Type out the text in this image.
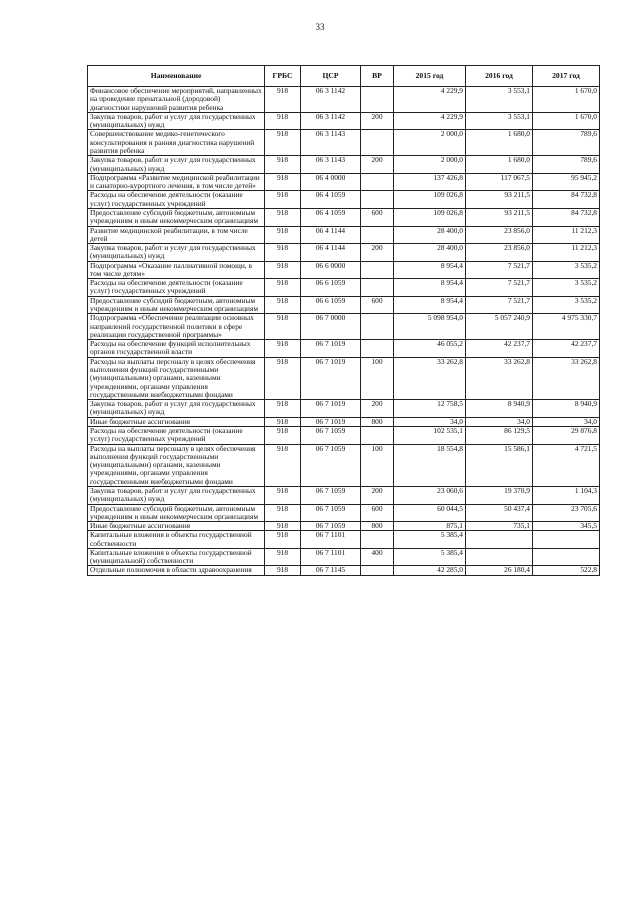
33
Наименование	ГРБС	ЦСР	ВР	2015 год	2016 год	2017 год
Финансовое обеспечение мероприятий, направленных на проведение пренатальной (дородовой) диагностики нарушений развития ребенка	918	06 3 1142		4 229,9	3 553,1	1 670,0
Закупка товаров, работ и услуг для государственных (муниципальных) нужд	918	06 3 1142	200	4 229,9	3 553,1	1 670,0
Совершенствование медико-генетического консультирования и ранняя диагностика нарушений развития ребенка	918	06 3 1143		2 000,0	1 680,0	789,6
Закупка товаров, работ и услуг для государственных (муниципальных) нужд	918	06 3 1143	200	2 000,0	1 680,0	789,6
Подпрограмма «Развитие медицинской реабилитации и санаторно-курортного лечения, в том числе детей»	918	06 4 0000		137 426,8	117 067,5	95 945,2
Расходы на обеспечение деятельности (оказание услуг) государственных учреждений	918	06 4 1059		109 026,8	93 211,5	84 732,8
Предоставление субсидий бюджетным, автономным учреждениям и иным некоммерческим организациям	918	06 4 1059	600	109 026,8	93 211,5	84 732,8
Развитие медицинской реабилитации, в том числе детей	918	06 4 1144		28 400,0	23 856,0	11 212,3
Закупка товаров, работ и услуг для государственных (муниципальных) нужд	918	06 4 1144	200	28 400,0	23 856,0	11 212,3
Подпрограмма «Оказание паллиативной помощи, в том числе детям»	918	06 6 0000		8 954,4	7 521,7	3 535,2
Расходы на обеспечение деятельности (оказание услуг) государственных учреждений	918	06 6 1059		8 954,4	7 521,7	3 535,2
Предоставление субсидий бюджетным, автономным учреждениям и иным некоммерческим организациям	918	06 6 1059	600	8 954,4	7 521,7	3 535,2
Подпрограмма «Обеспечение реализации основных направлений государственной политики в сфере реализации государственной программы»	918	06 7 0000		5 098 954,0	5 057 240,9	4 975 330,7
Расходы на обеспечение функций исполнительных органов государственной власти	918	06 7 1019		46 055,2	42 237,7	42 237,7
Расходы на выплаты персоналу в целях обеспечения выполнения функций государственными (муниципальными) органами, казенными учреждениями, органами управления государственными внебюджетными фондами	918	06 7 1019	100	33 262,8	33 262,8	33 262,8
Закупка товаров, работ и услуг для государственных (муниципальных) нужд	918	06 7 1019	200	12 758,5	8 940,9	8 940,9
Иные бюджетные ассигнования	918	06 7 1019	800	34,0	34,0	34,0
Расходы на обеспечение деятельности (оказание услуг) государственных учреждений	918	06 7 1059		102 535,1	86 129,5	29 876,8
Расходы на выплаты персоналу в целях обеспечения выполнения функций государственными (муниципальными) органами, казенными учреждениями, органами управления государственными внебюджетными фондами	918	06 7 1059	100	18 554,8	15 586,1	4 721,5
Закупка товаров, работ и услуг для государственных (муниципальных) нужд	918	06 7 1059	200	23 060,6	19 370,9	1 104,3
Предоставление субсидий бюджетным, автономным учреждениям и иным некоммерческим организациям	918	06 7 1059	600	60 044,5	50 437,4	23 705,6
Иные бюджетные ассигнования	918	06 7 1059	800	875,1	735,1	345,5
Капитальные вложения в объекты государственной собственности	918	06 7 1101		5 385,4		
Капитальные вложения в объекты государственной (муниципальной) собственности	918	06 7 1101	400	5 385,4		
Отдельные полномочия в области здравоохранения	918	06 7 1145		42 285,0	26 180,4	522,8
